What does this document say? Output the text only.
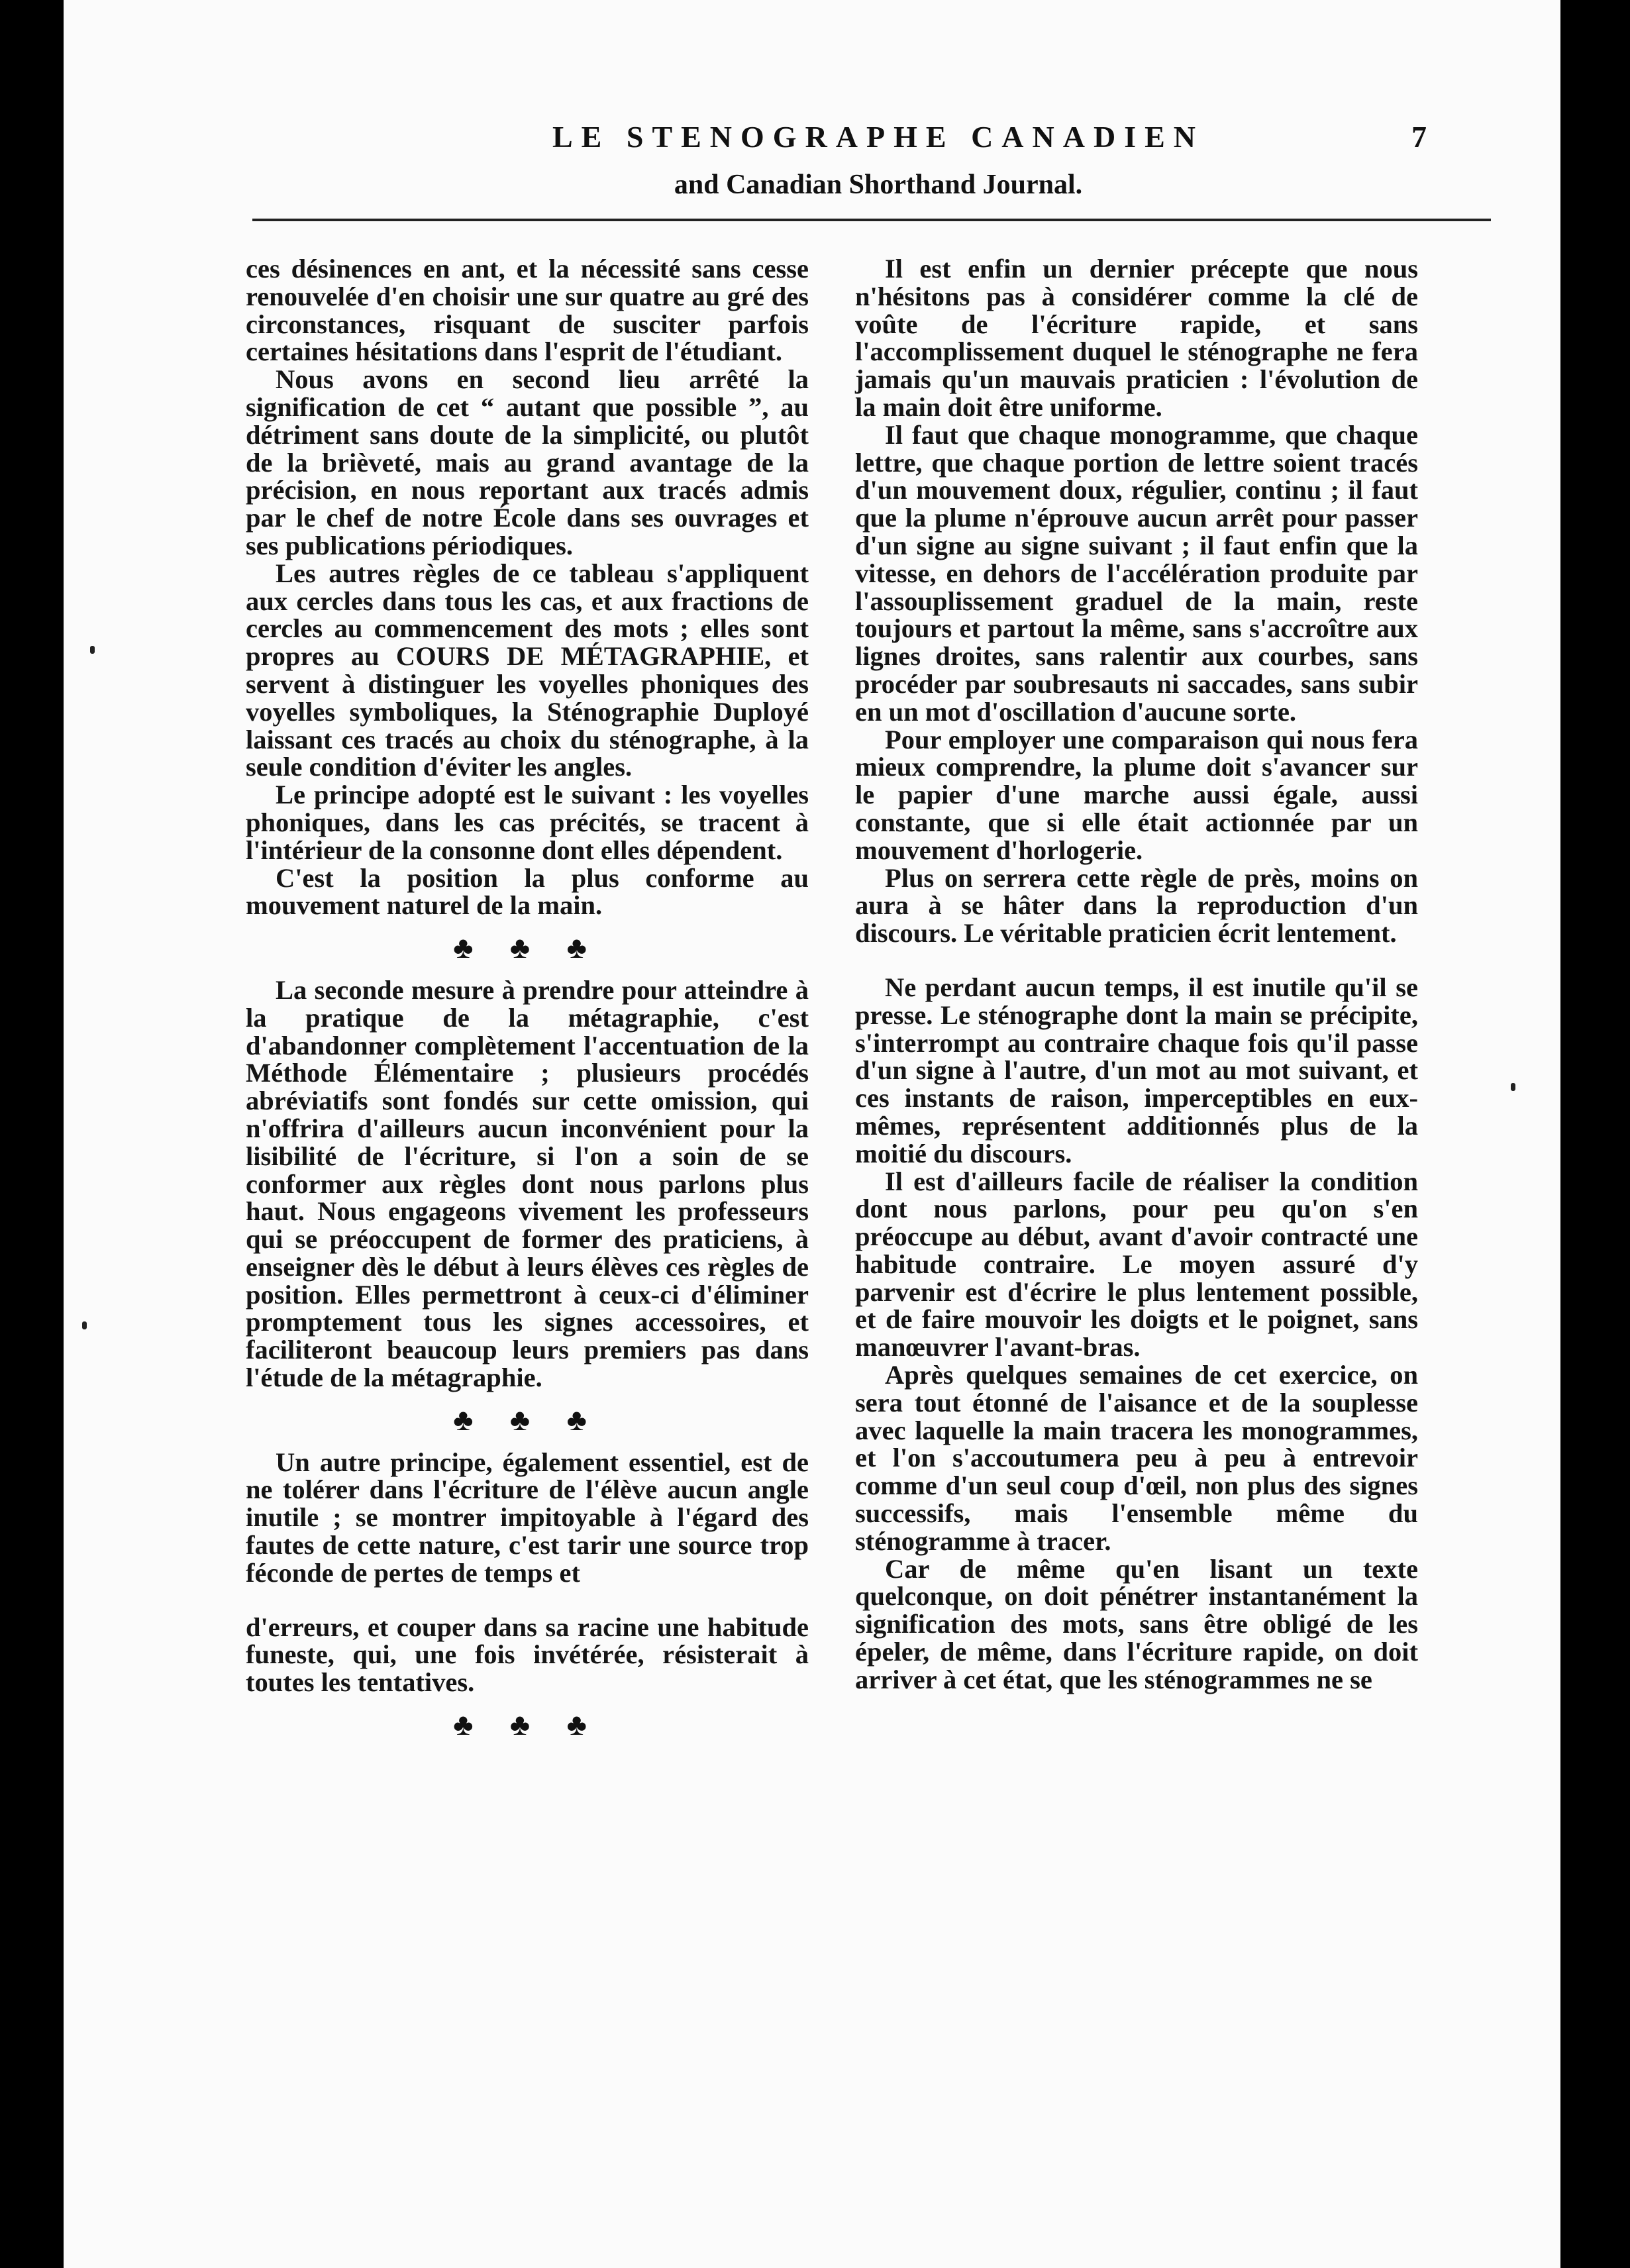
LE STENOGRAPHE CANADIEN
and Canadian Shorthand Journal.
7

ces désinences en ant, et la nécessité sans cesse renouvelée d'en choisir une sur quatre au gré des circonstances, risquant de susciter parfois certaines hésitations dans l'esprit de l'étudiant.

Nous avons en second lieu arrêté la signification de cet “ autant que possible ”, au détriment sans doute de la simplicité, ou plutôt de la brièveté, mais au grand avantage de la précision, en nous reportant aux tracés admis par le chef de notre École dans ses ouvrages et ses publications périodiques.

Les autres règles de ce tableau s'appliquent aux cercles dans tous les cas, et aux fractions de cercles au commencement des mots ; elles sont propres au COURS DE MÉTAGRAPHIE, et servent à distinguer les voyelles phoniques des voyelles symboliques, la Sténographie Duployé laissant ces tracés au choix du sténographe, à la seule condition d'éviter les angles.

Le principe adopté est le suivant : les voyelles phoniques, dans les cas précités, se tracent à l'intérieur de la consonne dont elles dépendent.

C'est la position la plus conforme au mouvement naturel de la main.

♣ ♣ ♣

La seconde mesure à prendre pour atteindre à la pratique de la métagraphie, c'est d'abandonner complètement l'accentuation de la Méthode Élémentaire ; plusieurs procédés abréviatifs sont fondés sur cette omission, qui n'offrira d'ailleurs aucun inconvénient pour la lisibilité de l'écriture, si l'on a soin de se conformer aux règles dont nous parlons plus haut. Nous engageons vivement les professeurs qui se préoccupent de former des praticiens, à enseigner dès le début à leurs élèves ces règles de position. Elles permettront à ceux-ci d'éliminer promptement tous les signes accessoires, et faciliteront beaucoup leurs premiers pas dans l'étude de la métagraphie.

♣ ♣ ♣

Un autre principe, également essentiel, est de ne tolérer dans l'écriture de l'élève aucun angle inutile ; se montrer impitoyable à l'égard des fautes de cette nature, c'est tarir une source trop féconde de pertes de temps et

d'erreurs, et couper dans sa racine une habitude funeste, qui, une fois invétérée, résisterait à toutes les tentatives.

♣ ♣ ♣

Il est enfin un dernier précepte que nous n'hésitons pas à considérer comme la clé de voûte de l'écriture rapide, et sans l'accomplissement duquel le sténographe ne fera jamais qu'un mauvais praticien : l'évolution de la main doit être uniforme.

Il faut que chaque monogramme, que chaque lettre, que chaque portion de lettre soient tracés d'un mouvement doux, régulier, continu ; il faut que la plume n'éprouve aucun arrêt pour passer d'un signe au signe suivant ; il faut enfin que la vitesse, en dehors de l'accélération produite par l'assouplissement graduel de la main, reste toujours et partout la même, sans s'accroître aux lignes droites, sans ralentir aux courbes, sans procéder par soubresauts ni saccades, sans subir en un mot d'oscillation d'aucune sorte.

Pour employer une comparaison qui nous fera mieux comprendre, la plume doit s'avancer sur le papier d'une marche aussi égale, aussi constante, que si elle était actionnée par un mouvement d'horlogerie.

Plus on serrera cette règle de près, moins on aura à se hâter dans la reproduction d'un discours. Le véritable praticien écrit lentement.

Ne perdant aucun temps, il est inutile qu'il se presse. Le sténographe dont la main se précipite, s'interrompt au contraire chaque fois qu'il passe d'un signe à l'autre, d'un mot au mot suivant, et ces instants de raison, imperceptibles en eux-mêmes, représentent additionnés plus de la moitié du discours.

Il est d'ailleurs facile de réaliser la condition dont nous parlons, pour peu qu'on s'en préoccupe au début, avant d'avoir contracté une habitude contraire. Le moyen assuré d'y parvenir est d'écrire le plus lentement possible, et de faire mouvoir les doigts et le poignet, sans manœuvrer l'avant-bras.

Après quelques semaines de cet exercice, on sera tout étonné de l'aisance et de la souplesse avec laquelle la main tracera les monogrammes, et l'on s'accoutumera peu à peu à entrevoir comme d'un seul coup d'œil, non plus des signes successifs, mais l'ensemble même du sténogramme à tracer.

Car de même qu'en lisant un texte quelconque, on doit pénétrer instantanément la signification des mots, sans être obligé de les épeler, de même, dans l'écriture rapide, on doit arriver à cet état, que les sténogrammes ne se
